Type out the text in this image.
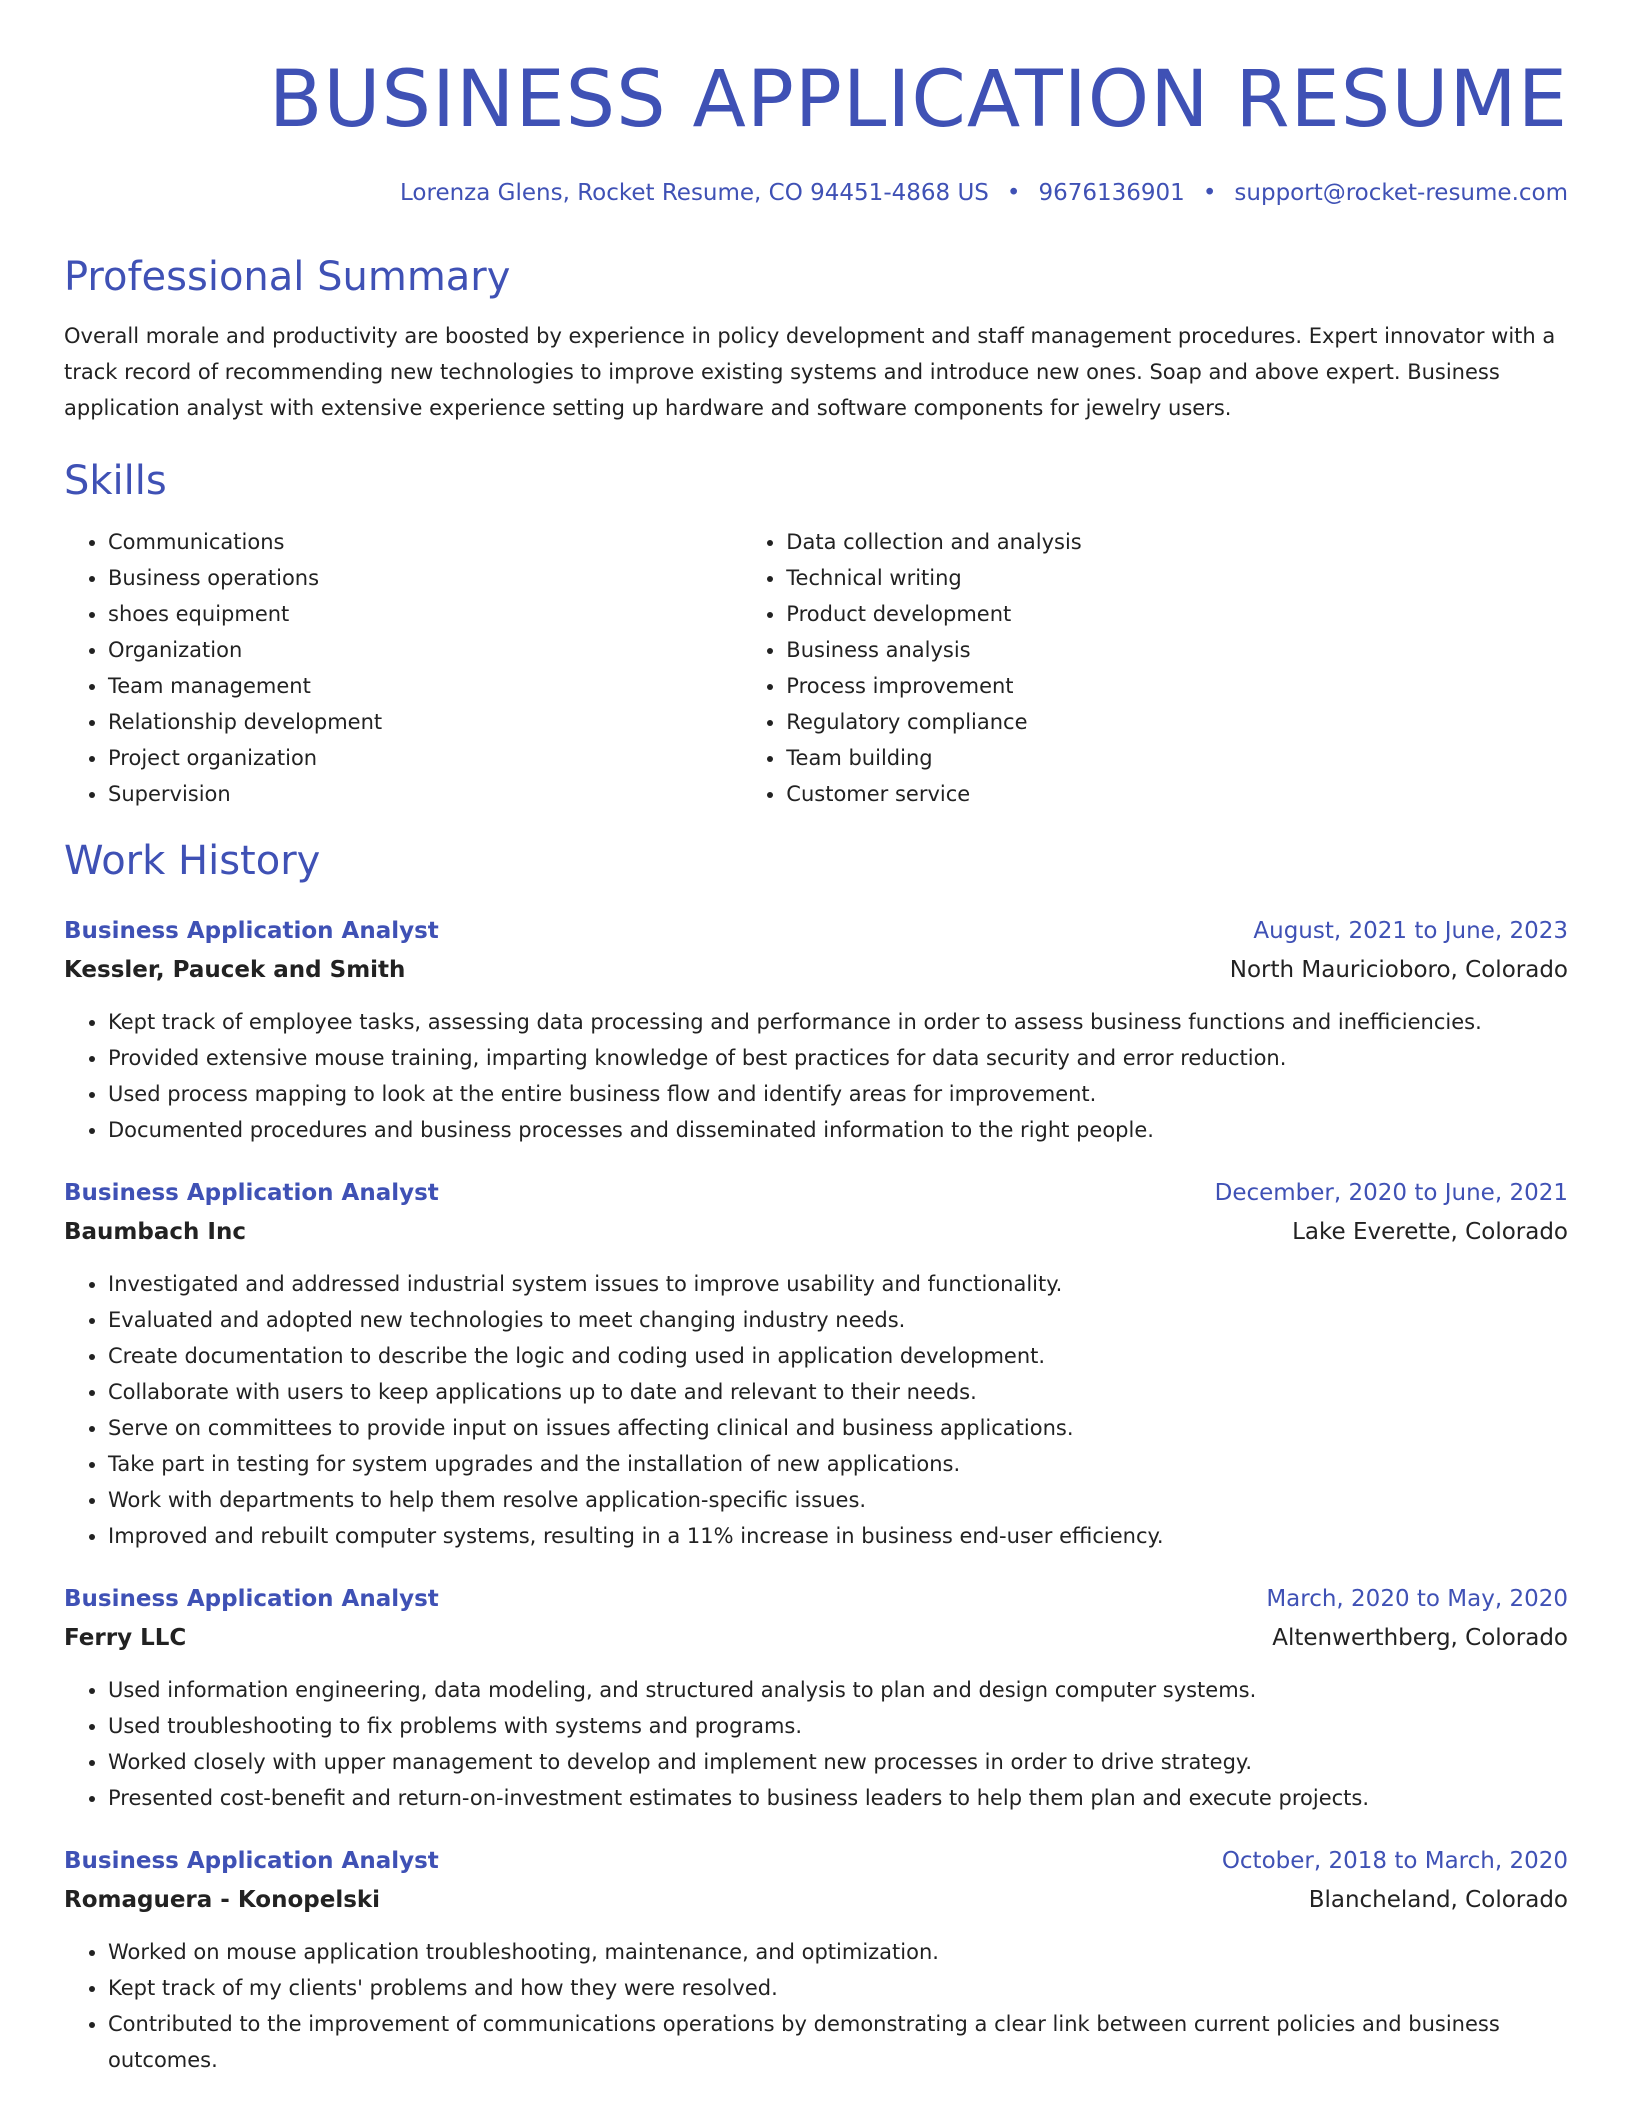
BUSINESS APPLICATION RESUME
Lorenza Glens, Rocket Resume, CO 94451-4868 US • 9676136901 • support@rocket-resume.com
Professional Summary

Overall morale and productivity are boosted by experience in policy development and staff management procedures. Expert innovator with a track record of recommending new technologies to improve existing systems and introduce new ones. Soap and above expert. Business application analyst with extensive experience setting up hardware and software components for jewelry users.

Skills
• Communications
• Business operations
• shoes equipment
• Organization
• Team management
• Relationship development
• Project organization
• Supervision
• Data collection and analysis
• Technical writing
• Product development
• Business analysis
• Process improvement
• Regulatory compliance
• Team building
• Customer service
Work History
Business Application Analyst	August, 2021 to June, 2023
Kessler, Paucek and Smith	North Mauricioboro, Colorado
• Kept track of employee tasks, assessing data processing and performance in order to assess business functions and inefficiencies.
• Provided extensive mouse training, imparting knowledge of best practices for data security and error reduction.
• Used process mapping to look at the entire business flow and identify areas for improvement.
• Documented procedures and business processes and disseminated information to the right people.
Business Application Analyst	December, 2020 to June, 2021
Baumbach Inc	Lake Everette, Colorado
• Investigated and addressed industrial system issues to improve usability and functionality.
• Evaluated and adopted new technologies to meet changing industry needs.
• Create documentation to describe the logic and coding used in application development.
• Collaborate with users to keep applications up to date and relevant to their needs.
• Serve on committees to provide input on issues affecting clinical and business applications.
• Take part in testing for system upgrades and the installation of new applications.
• Work with departments to help them resolve application-specific issues.
• Improved and rebuilt computer systems, resulting in a 11% increase in business end-user efficiency.
Business Application Analyst	March, 2020 to May, 2020
Ferry LLC	Altenwerthberg, Colorado
• Used information engineering, data modeling, and structured analysis to plan and design computer systems.
• Used troubleshooting to fix problems with systems and programs.
• Worked closely with upper management to develop and implement new processes in order to drive strategy.
• Presented cost-benefit and return-on-investment estimates to business leaders to help them plan and execute projects.
Business Application Analyst	October, 2018 to March, 2020
Romaguera - Konopelski	Blancheland, Colorado
• Worked on mouse application troubleshooting, maintenance, and optimization.
• Kept track of my clients' problems and how they were resolved.
• Contributed to the improvement of communications operations by demonstrating a clear link between current policies and business outcomes.
